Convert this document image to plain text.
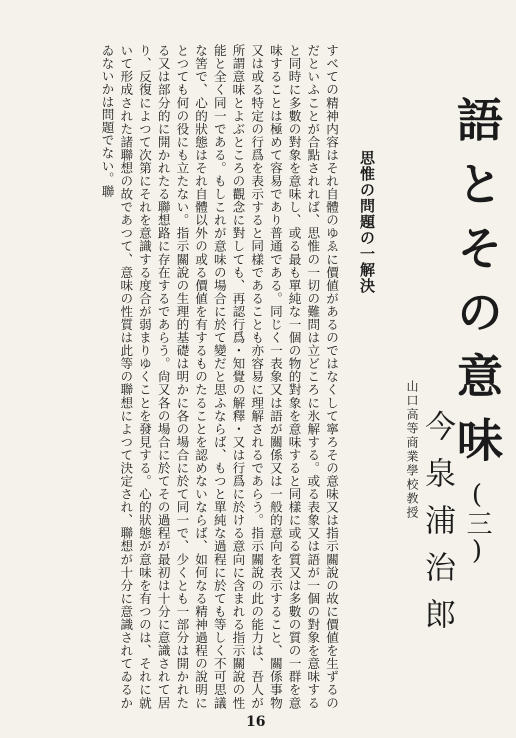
語とその意味(三)
山口高等商業學校教授 今泉浦治郎
思惟の問題の一解決
すべての精神内容はそれ自體のゆゑに價値があるのではなくして寧ろその意味又は指示關說の故に價値を生ずるのだといふことが合點されれば、思惟の一切の難問は立どころに氷解する。或る表象又は語が一個の對象を意味すると同時に多數の對象を意味し、或る最も單純な一個の物的對象を意味すると同樣に或る質又は多數の質の一群を意味することは極めて容易であり普通である。同じく一表象又は語が關係又は一般的意向を表示すること、關係事物又は或る特定の行爲を表示すると同樣であることも亦容易に理解されるであらう。指示關說の此の能力は、吾人が所謂意味とよぶところの觀念に對しても、再認行爲・知覺の解釋・又は行爲に於ける意向に含まれる指示關說の性能と全く同一である。もしこれが意味の場合に於て變だと思ふならば、もつと單純な過程に於ても等しく不可思議な筈で、心的狀態はそれ自體以外の或る價値を有するものたることを認めないならば、如何なる精神過程の說明にとつても何の役にも立たない。指示關說の生理的基礎は明かに各の場合に於て同一で、少くとも一部分は開かれたる又は部分的に開かれたる聯想路に存在するであらう。尙又各の場合に於てその過程が最初は十分に意識されて居り、反復によつて次第にそれを意識する度合が弱まりゆくことを發見する。心的狀態が意味を有つのは、それに就いて形成された諸聯想の故であつて、意味の性質は此等の聯想によつて決定され、聯想が十分に意識されてゐるかゐないかは問題でない。聯
16
